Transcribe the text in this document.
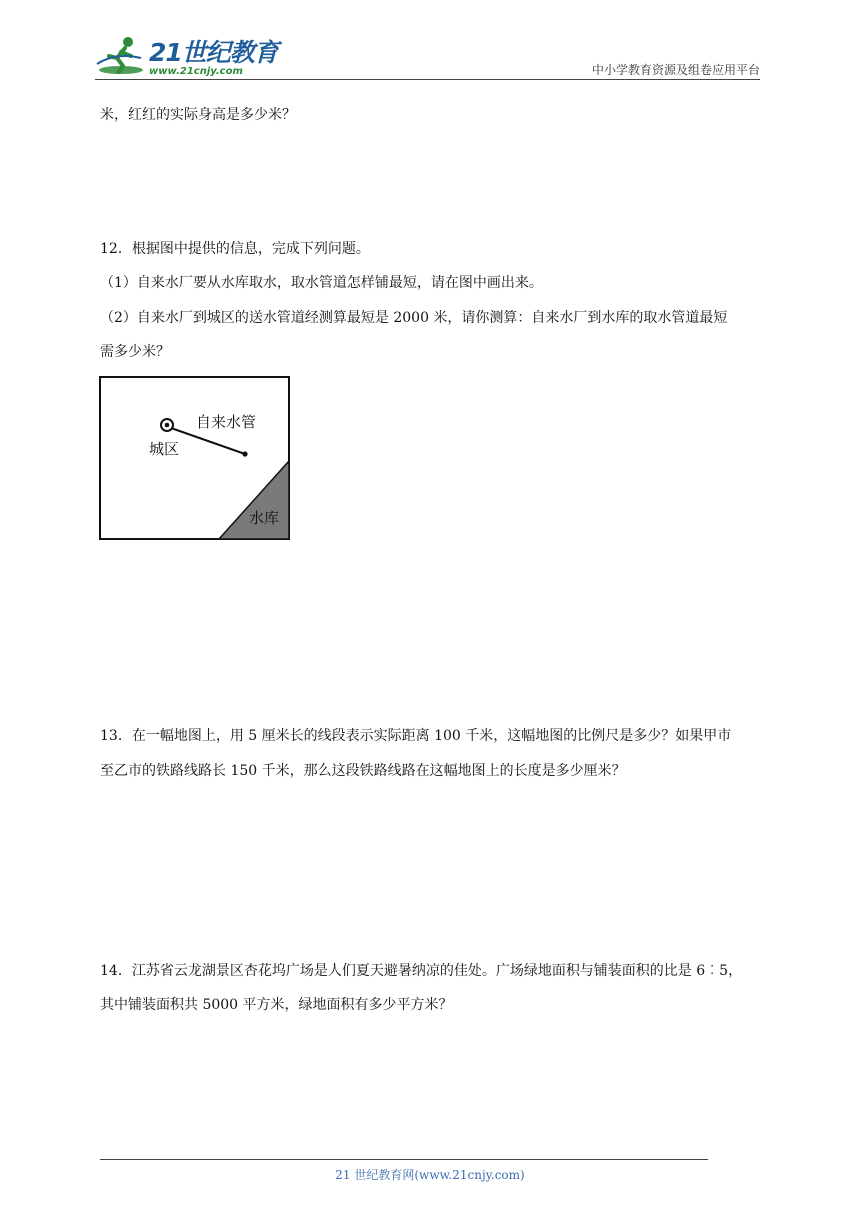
21世纪教育
www.21cnjy.com	中小学教育资源及组卷应用平台
米，红红的实际身高是多少米？
12．根据图中提供的信息，完成下列问题。
（1）自来水厂要从水库取水，取水管道怎样铺最短，请在图中画出来。
（2）自来水厂到城区的送水管道经测算最短是 2000 米，请你测算：自来水厂到水库的取水管道最短
需多少米？
自来水管
城区
水库
13．在一幅地图上，用 5 厘米长的线段表示实际距离 100 千米，这幅地图的比例尺是多少？如果甲市
至乙市的铁路线路长 150 千米，那么这段铁路线路在这幅地图上的长度是多少厘米？
14．江苏省云龙湖景区杏花坞广场是人们夏天避暑纳凉的佳处。广场绿地面积与铺装面积的比是 6︰5，
其中铺装面积共 5000 平方米，绿地面积有多少平方米？
21 世纪教育网(www.21cnjy.com)
